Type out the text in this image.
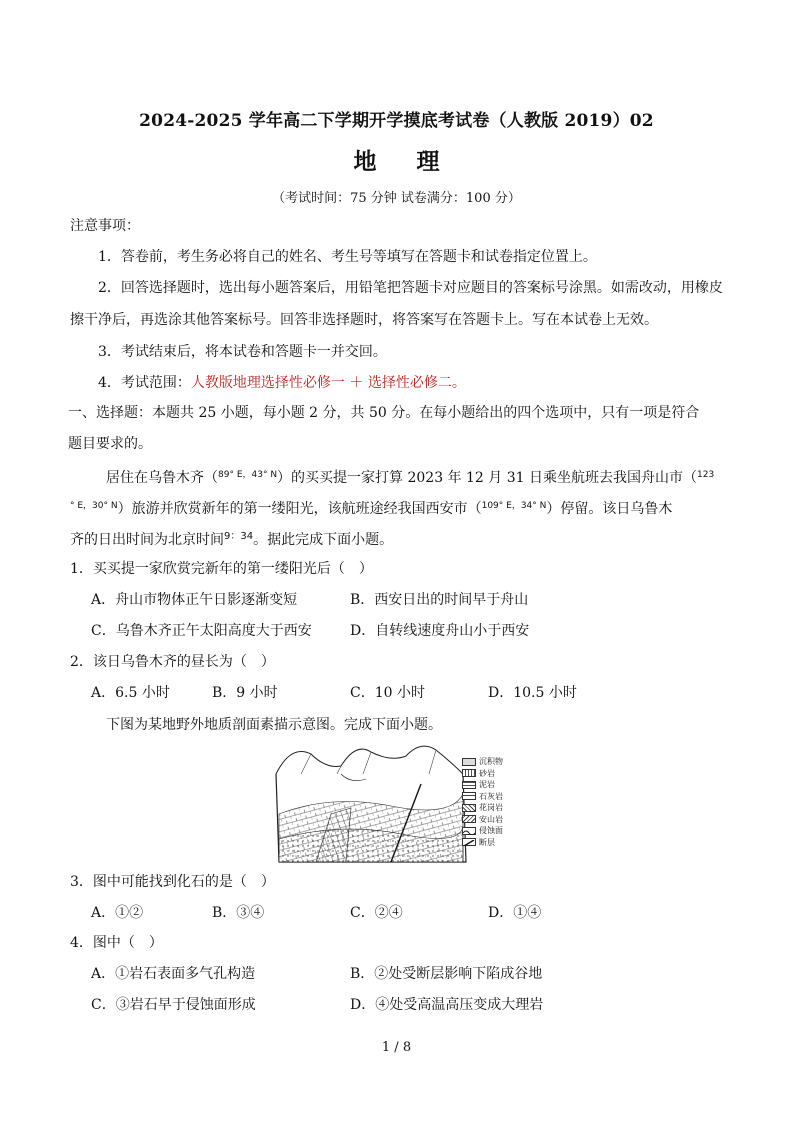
2024-2025 学年高二下学期开学摸底考试卷（人教版 2019）02
地理
（考试时间：75 分钟 试卷满分：100 分）
注意事项：
1．答卷前，考生务必将自己的姓名、考生号等填写在答题卡和试卷指定位置上。
2．回答选择题时，选出每小题答案后，用铅笔把答题卡对应题目的答案标号涂黑。如需改动，用橡皮
擦干净后，再选涂其他答案标号。回答非选择题时，将答案写在答题卡上。写在本试卷上无效。
3．考试结束后，将本试卷和答题卡一并交回。
4．考试范围：人教版地理选择性必修一 ＋ 选择性必修二。
一、选择题：本题共 25 小题，每小题 2 分，共 50 分。在每小题给出的四个选项中，只有一项是符合
题目要求的。
居住在乌鲁木齐（$^{89^\circ E,43^\circ N}$）的买买提一家打算 2023 年 12 月 31 日乘坐航班去我国舟山市（$^{123}$
$^{^\circ E,30^\circ N}$）旅游并欣赏新年的第一缕阳光，该航班途经我国西安市（$^{109^\circ E,34^\circ N}$）停留。该日乌鲁木
齐的日出时间为北京时间$^{9:34}$。据此完成下面小题。
1．买买提一家欣赏完新年的第一缕阳光后（　）
A．舟山市物体正午日影逐渐变短	B．西安日出的时间早于舟山
C．乌鲁木齐正午太阳高度大于西安	D．自转线速度舟山小于西安
2．该日乌鲁木齐的昼长为（　）
A．6.5 小时	B．9 小时	C．10 小时	D．10.5 小时
下图为某地野外地质剖面素描示意图。完成下面小题。
沉积物
砂岩
泥岩
石灰岩
花岗岩
安山岩
侵蚀面
断层
3．图中可能找到化石的是（　）
A．①②	B．③④	C．②④	D．①④
4．图中（　）
A．①岩石表面多气孔构造	B．②处受断层影响下陷成谷地
C．③岩石早于侵蚀面形成	D．④处受高温高压变成大理岩
1 / 8
